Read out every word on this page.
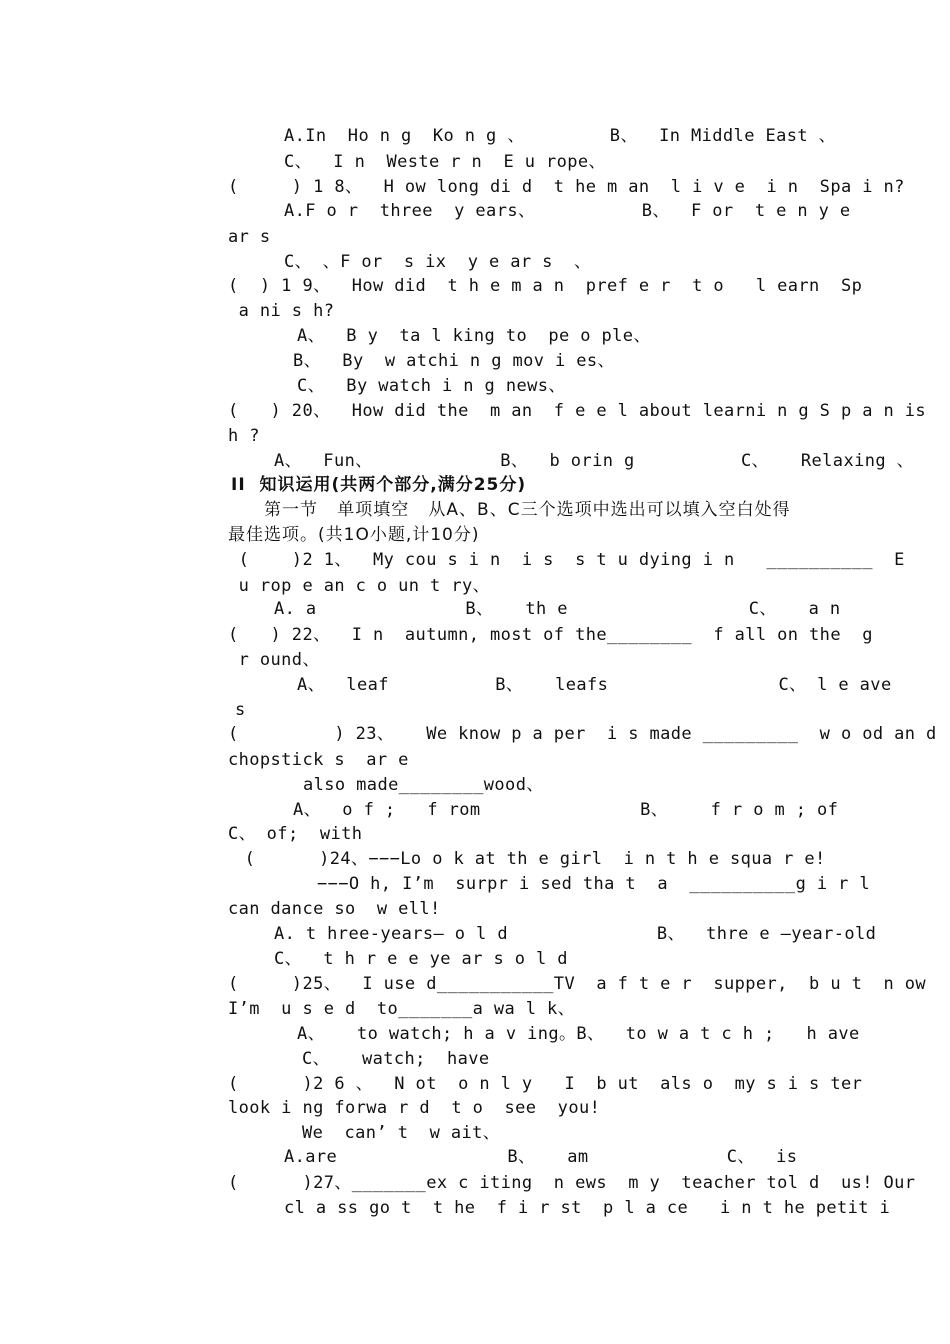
A.In  Ho n g  Ko n g 、        B、  In Middle East 、
C、  I n  Weste r n  E u rope、
(     ) 1 8、  H ow long di d  t he m an  l i v e  i n  Spa i n?
A.F o r  three  y ears、          B、  F or  t e n y e
ar s
C、 、F or  s ix  y e ar s  、
(  ) 1 9、  How did  t h e m a n  pref e r  t o   l earn  Sp
a ni s h?
A、  B y  ta l king to  pe o ple、
B、  By  w atchi n g mov i es、
C、  By watch i n g news、
(   ) 20、  How did the  m an  f e e l about learni n g S p a n is
h ?
A、  Fun、            B、  b orin g          C、   Relaxing 、
II  知识运用(共两个部分,满分25分)
第一节   单项填空   从A、B、C三个选项中选出可以填入空白处得
最佳选项。(共1O小题,计10分)
(    )2 1、  My cou s i n  i s  s t u dying i n   __________  E
u rop e an c o un t ry、
A. a              B、   th e                 C、   a n
(   ) 22、  I n  autumn, most of the________  f all on the  g
r ound、
A、  leaf          B、   leafs                C、 l e ave
s
(         ) 23、   We know p a per  i s made _________  w o od an d
chopstick s  ar e
also made________wood、
A、  o f ;   f rom               B、    f r o m ; of
C、 of;  with
(      )24、−−−Lo o k at th e girl  i n t h e squa r e!
−−−O h, I’m  surpr i sed tha t  a  __________g i r l
can dance so  w ell!
A. t hree-years— o l d              B、  thre e —year-old
C、  t h r e e ye ar s o l d
(     )25、  I use d___________TV  a f t e r  supper,  b u t  n ow
I’m  u s e d  to_______a wa l k、
A、   to watch; h a v ing。B、  to w a t c h ;   h ave
C、   watch;  have
(      )2 6 、  N ot  o n l y   I  b ut  als o  my s i s ter
look i ng forwa r d  t o  see  you!
We  can’ t  w ait、
A.are                B、   am             C、  is
(      )27、_______ex c iting  n ews  m y  teacher tol d  us! Our
cl a ss go t  t he  f i r st  p l a ce   i n t he petit i
